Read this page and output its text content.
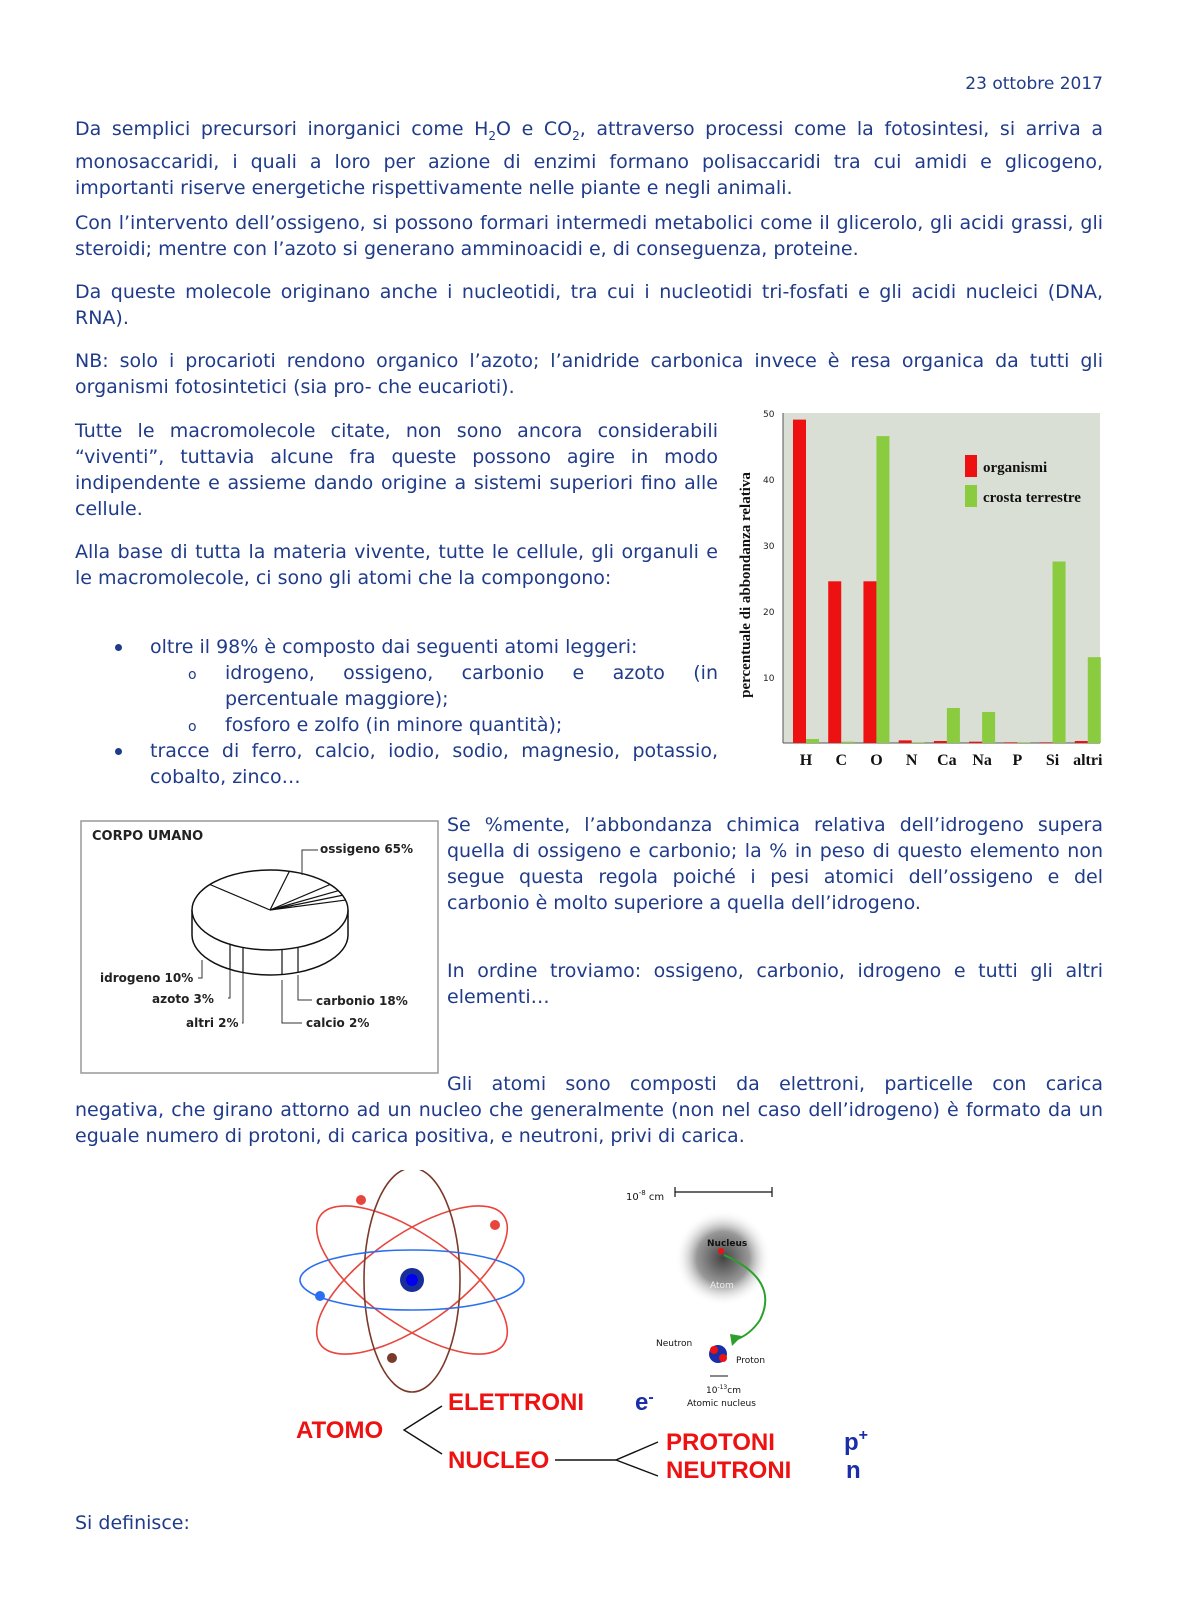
23 ottobre 2017

Da semplici precursori inorganici come $H_2O$ e $CO_2$, attraverso processi come la fotosintesi, si arriva a monosaccaridi, i quali a loro per azione di enzimi formano polisaccaridi tra cui amidi e glicogeno, importanti riserve energetiche rispettivamente nelle piante e negli animali.

Con l’intervento dell’ossigeno, si possono formari intermedi metabolici come il glicerolo, gli acidi grassi, gli steroidi; mentre con l’azoto si generano amminoacidi e, di conseguenza, proteine.

Da queste molecole originano anche i nucleotidi, tra cui i nucleotidi tri-fosfati e gli acidi nucleici (DNA, RNA).

NB: solo i procarioti rendono organico l’azoto; l’anidride carbonica invece è resa organica da tutti gli organismi fotosintetici (sia pro- che eucarioti).

Tutte le macromolecole citate, non sono ancora considerabili “viventi”, tuttavia alcune fra queste possono agire in modo indipendente e assieme dando origine a sistemi superiori fino alle cellule.

Alla base di tutta la materia vivente, tutte le cellule, gli organuli e le macromolecole, ci sono gli atomi che la compongono:

oltre il 98% è composto dai seguenti atomi leggeri:
o idrogeno, ossigeno, carbonio e azoto (in percentuale maggiore);
o fosforo e zolfo (in minore quantità);
tracce di ferro, calcio, iodio, sodio, magnesio, potassio, cobalto, zinco…
10
20
30
40
50
H C O N Ca Na P Si altri
percentuale di abbondanza relativa
organismi
crosta terrestre
CORPO UMANO
ossigeno 65%
idrogeno 10%
azoto 3%
altri 2%
carbonio 18%
calcio 2%

Se %mente, l’abbondanza chimica relativa dell’idrogeno supera quella di ossigeno e carbonio; la % in peso di questo elemento non segue questa regola poiché i pesi atomici dell’ossigeno e del carbonio è molto superiore a quella dell’idrogeno.

In ordine troviamo: ossigeno, carbonio, idrogeno e tutti gli altri elementi…

Gli atomi sono composti da elettroni, particelle con carica

negativa, che girano attorno ad un nucleo che generalmente (non nel caso dell’idrogeno) è formato da un eguale numero di protoni, di carica positiva, e neutroni, privi di carica.

ELETTRONI
ATOMO
NUCLEO
PROTONI
NEUTRONI
e-
p+
n
$10^{-8}$ cm
Nucleus
Atom
Neutron
Proton
$10^{-13}cm$
Atomic nucleus

Si definisce:
